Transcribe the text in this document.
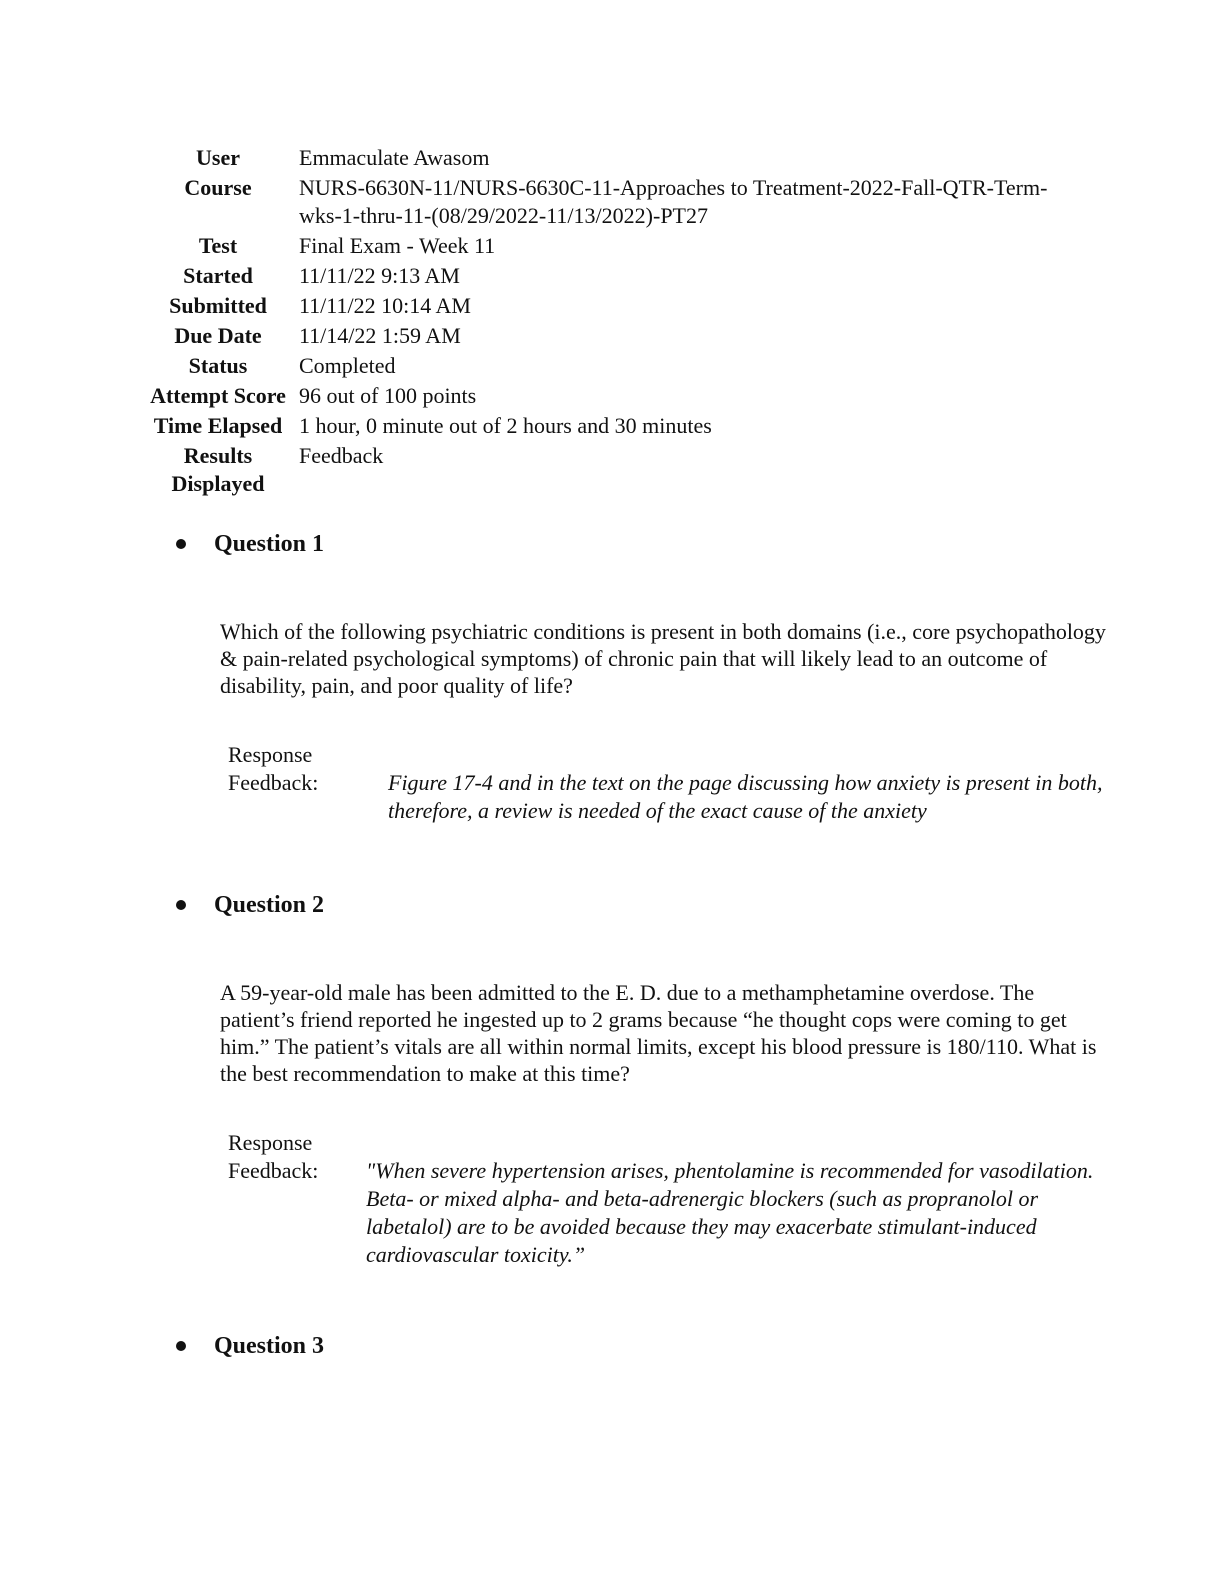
User	Emmaculate Awasom
Course	NURS-6630N-11/NURS-6630C-11-Approaches to Treatment-2022-Fall-QTR-Term-wks-1-thru-11-(08/29/2022-11/13/2022)-PT27
Test	Final Exam - Week 11
Started	11/11/22 9:13 AM
Submitted	11/11/22 10:14 AM
Due Date	11/14/22 1:59 AM
Status	Completed
Attempt Score	96 out of 100 points
Time Elapsed	1 hour, 0 minute out of 2 hours and 30 minutes
Results Displayed	Feedback
Question 1
Which of the following psychiatric conditions is present in both domains (i.e., core psychopathology & pain-related psychological symptoms) of chronic pain that will likely lead to an outcome of disability, pain, and poor quality of life?
Response Feedback:	Figure 17-4 and in the text on the page discussing how anxiety is present in both, therefore, a review is needed of the exact cause of the anxiety
Question 2
A 59-year-old male has been admitted to the E. D. due to a methamphetamine overdose. The patient’s friend reported he ingested up to 2 grams because “he thought cops were coming to get him.” The patient’s vitals are all within normal limits, except his blood pressure is 180/110. What is the best recommendation to make at this time?
Response Feedback:	"When severe hypertension arises, phentolamine is recommended for vasodilation. Beta- or mixed alpha- and beta-adrenergic blockers (such as propranolol or labetalol) are to be avoided because they may exacerbate stimulant-induced cardiovascular toxicity.”
Question 3
